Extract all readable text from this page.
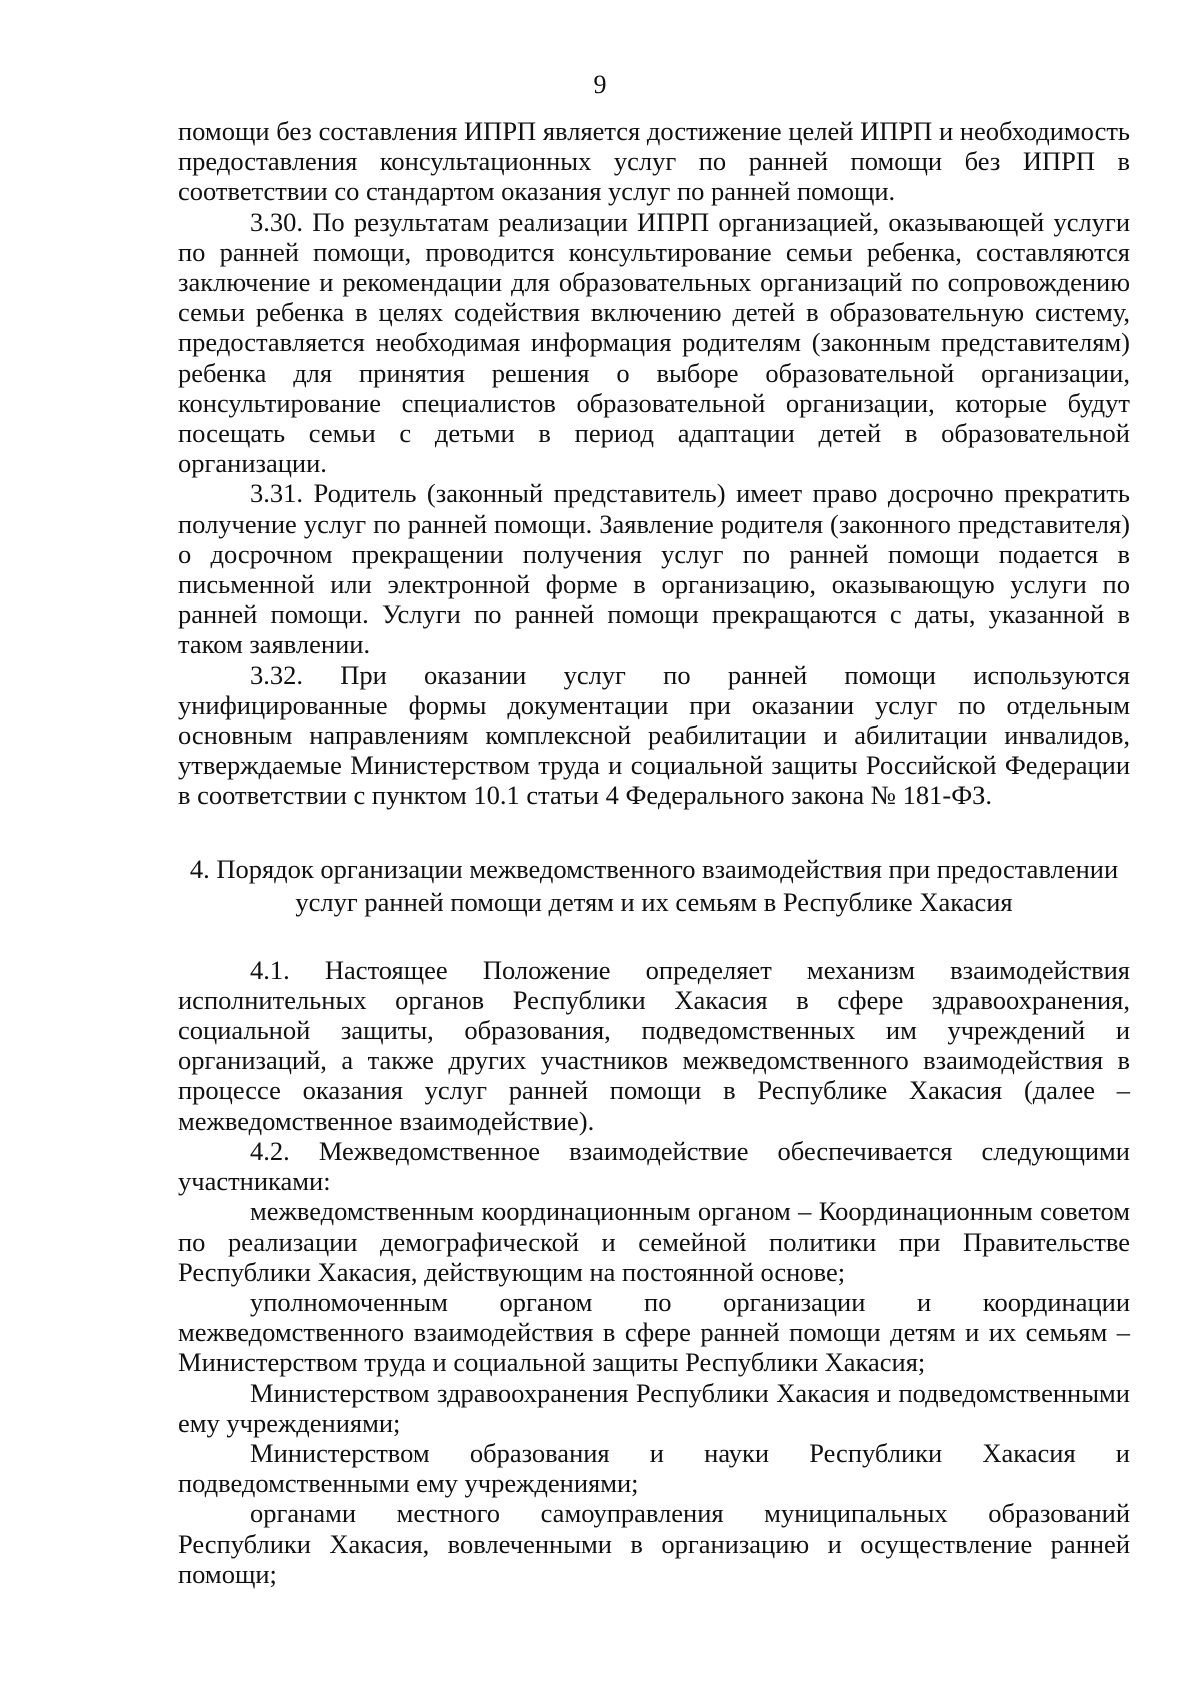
9

помощи без составления ИПРП является достижение целей ИПРП и необходимость предоставления консультационных услуг по ранней помощи без ИПРП в соответствии со стандартом оказания услуг по ранней помощи.

3.30. По результатам реализации ИПРП организацией, оказывающей услуги по ранней помощи, проводится консультирование семьи ребенка, составляются заключение и рекомендации для образовательных организаций по сопровождению семьи ребенка в целях содействия включению детей в образовательную систему, предоставляется необходимая информация родителям (законным представителям) ребенка для принятия решения о выборе образовательной организации, консультирование специалистов образовательной организации, которые будут посещать семьи с детьми в период адаптации детей в образовательной организации.

3.31. Родитель (законный представитель) имеет право досрочно прекратить получение услуг по ранней помощи. Заявление родителя (законного представителя) о досрочном прекращении получения услуг по ранней помощи подается в письменной или электронной форме в организацию, оказывающую услуги по ранней помощи. Услуги по ранней помощи прекращаются с даты, указанной в таком заявлении.

3.32. При оказании услуг по ранней помощи используются унифицированные формы документации при оказании услуг по отдельным основным направлениям комплексной реабилитации и абилитации инвалидов, утверждаемые Министерством труда и социальной защиты Российской Федерации в соответствии с пунктом 10.1 статьи 4 Федерального закона № 181-ФЗ.

4. Порядок организации межведомственного взаимодействия при предоставлении
услуг ранней помощи детям и их семьям в Республике Хакасия

4.1. Настоящее Положение определяет механизм взаимодействия исполнительных органов Республики Хакасия в сфере здравоохранения, социальной защиты, образования, подведомственных им учреждений и организаций, а также других участников межведомственного взаимодействия в процессе оказания услуг ранней помощи в Республике Хакасия (далее – межведомственное взаимодействие).

4.2. Межведомственное взаимодействие обеспечивается следующими участниками:

межведомственным координационным органом – Координационным советом по реализации демографической и семейной политики при Правительстве Республики Хакасия, действующим на постоянной основе;

уполномоченным органом по организации и координации межведомственного взаимодействия в сфере ранней помощи детям и их семьям – Министерством труда и социальной защиты Республики Хакасия;

Министерством здравоохранения Республики Хакасия и подведомственными ему учреждениями;

Министерством образования и науки Республики Хакасия и подведомственными ему учреждениями;

органами местного самоуправления муниципальных образований Республики Хакасия, вовлеченными в организацию и осуществление ранней помощи;
